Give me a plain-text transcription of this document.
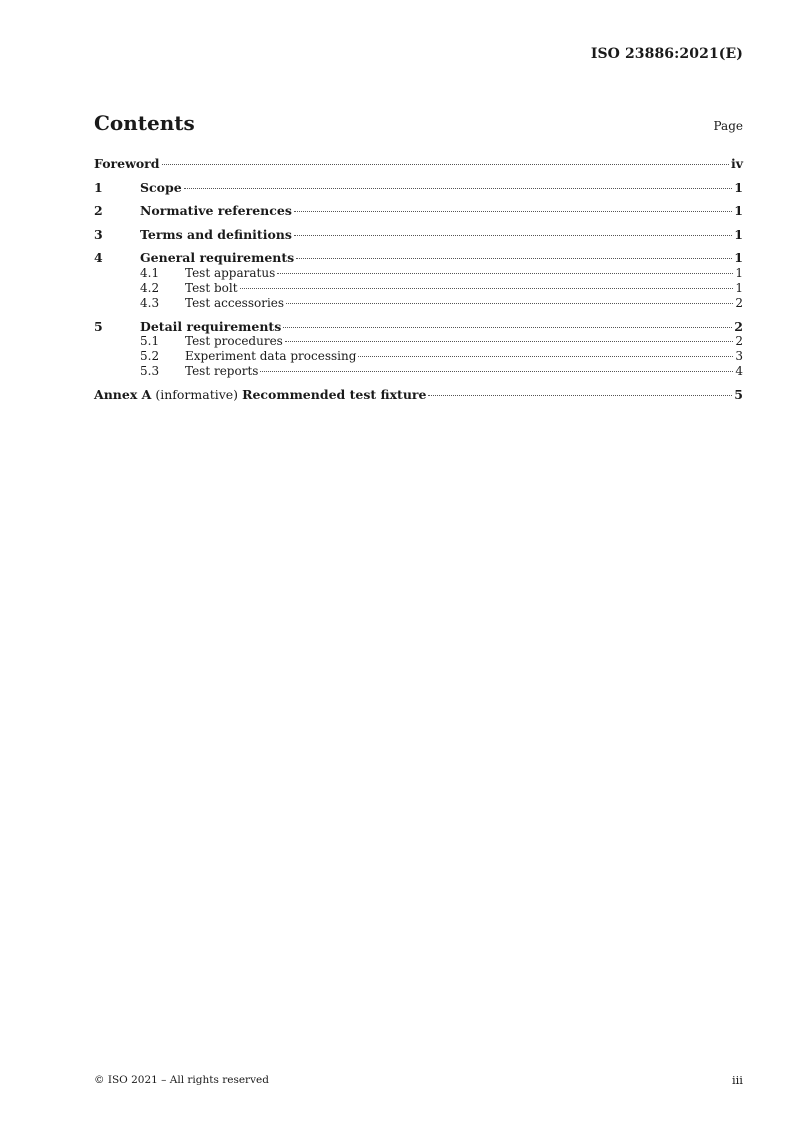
ISO 23886:2021(E)
Contents	Page
Foreword	iv
1	Scope	1
2	Normative references	1
3	Terms and definitions	1
4	General requirements	1
4.1	Test apparatus	1
4.2	Test bolt	1
4.3	Test accessories	2
5	Detail requirements	2
5.1	Test procedures	2
5.2	Experiment data processing	3
5.3	Test reports	4
Annex A (informative) Recommended test fixture	5
© ISO 2021 – All rights reserved	iii
